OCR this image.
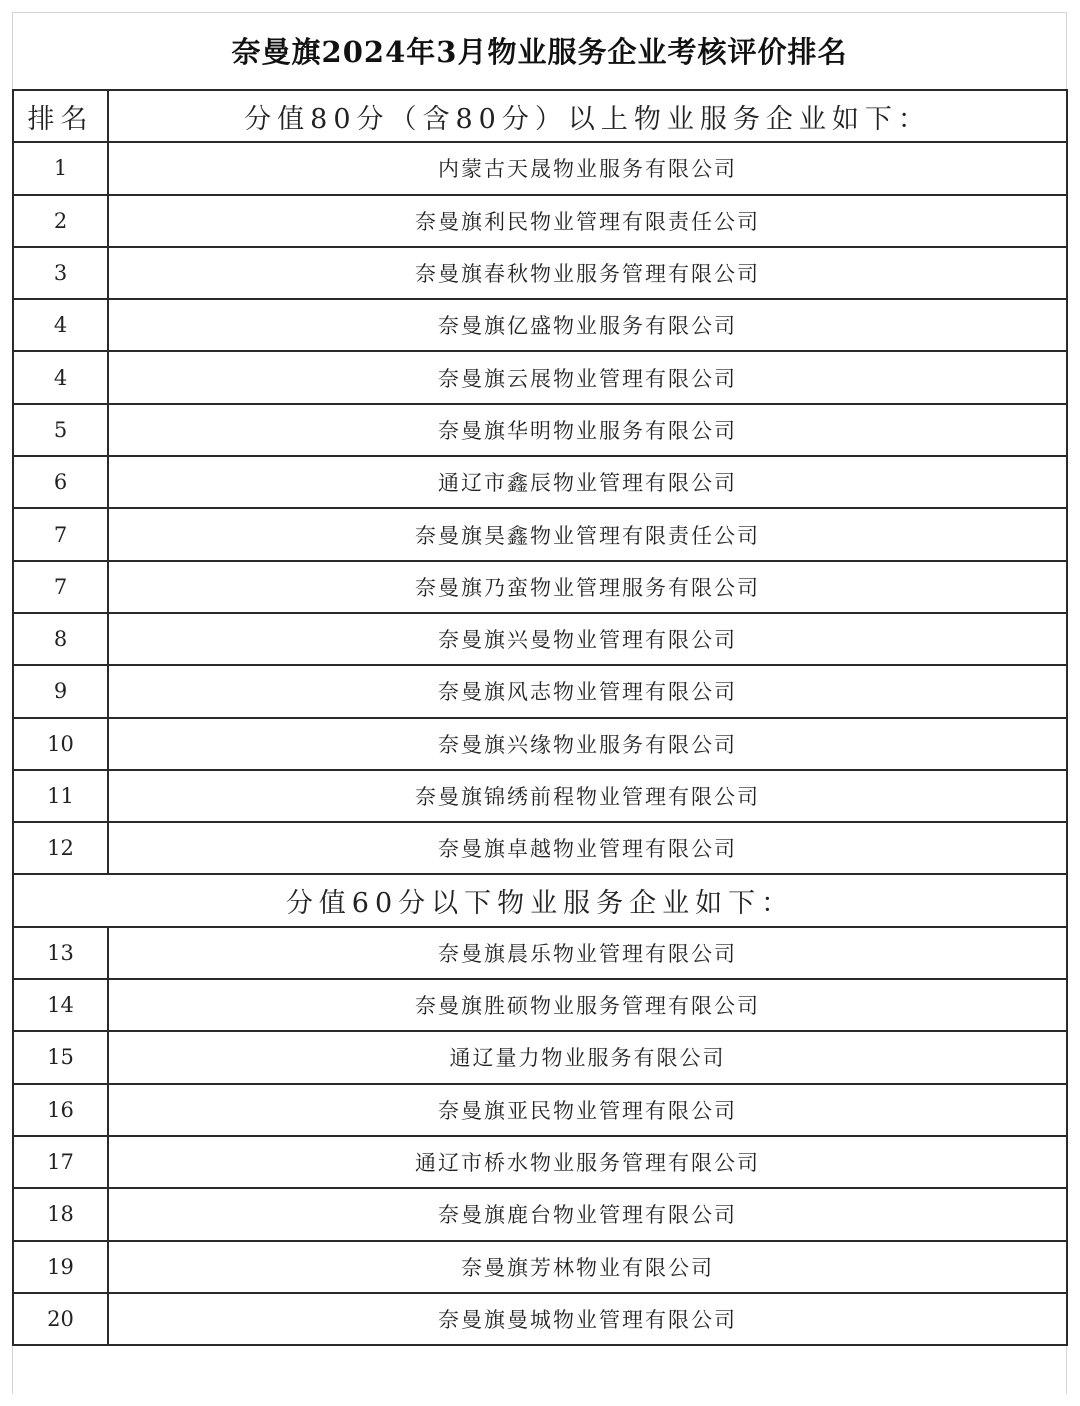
奈曼旗2024年3月物业服务企业考核评价排名
排名	分值80分（含80分）以上物业服务企业如下：
1	内蒙古天晟物业服务有限公司
2	奈曼旗利民物业管理有限责任公司
3	奈曼旗春秋物业服务管理有限公司
4	奈曼旗亿盛物业服务有限公司
4	奈曼旗云展物业管理有限公司
5	奈曼旗华明物业服务有限公司
6	通辽市鑫辰物业管理有限公司
7	奈曼旗昊鑫物业管理有限责任公司
7	奈曼旗乃蛮物业管理服务有限公司
8	奈曼旗兴曼物业管理有限公司
9	奈曼旗风志物业管理有限公司
10	奈曼旗兴缘物业服务有限公司
11	奈曼旗锦绣前程物业管理有限公司
12	奈曼旗卓越物业管理有限公司
分值60分以下物业服务企业如下：	
13	奈曼旗晨乐物业管理有限公司
14	奈曼旗胜硕物业服务管理有限公司
15	通辽量力物业服务有限公司
16	奈曼旗亚民物业管理有限公司
17	通辽市桥水物业服务管理有限公司
18	奈曼旗鹿台物业管理有限公司
19	奈曼旗芳林物业有限公司
20	奈曼旗曼城物业管理有限公司
